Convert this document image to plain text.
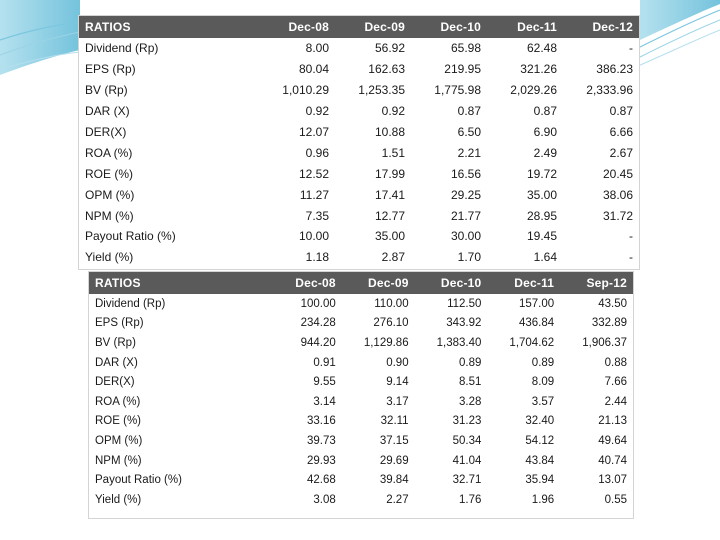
RATIOS	Dec-08	Dec-09	Dec-10	Dec-11	Dec-12
Dividend (Rp)	8.00	56.92	65.98	62.48	-
EPS (Rp)	80.04	162.63	219.95	321.26	386.23
BV (Rp)	1,010.29	1,253.35	1,775.98	2,029.26	2,333.96
DAR (X)	0.92	0.92	0.87	0.87	0.87
DER(X)	12.07	10.88	6.50	6.90	6.66
ROA (%)	0.96	1.51	2.21	2.49	2.67
ROE (%)	12.52	17.99	16.56	19.72	20.45
OPM (%)	11.27	17.41	29.25	35.00	38.06
NPM (%)	7.35	12.77	21.77	28.95	31.72
Payout Ratio (%)	10.00	35.00	30.00	19.45	-
Yield (%)	1.18	2.87	1.70	1.64	-
RATIOS	Dec-08	Dec-09	Dec-10	Dec-11	Sep-12
Dividend (Rp)	100.00	110.00	112.50	157.00	43.50
EPS (Rp)	234.28	276.10	343.92	436.84	332.89
BV (Rp)	944.20	1,129.86	1,383.40	1,704.62	1,906.37
DAR (X)	0.91	0.90	0.89	0.89	0.88
DER(X)	9.55	9.14	8.51	8.09	7.66
ROA (%)	3.14	3.17	3.28	3.57	2.44
ROE (%)	33.16	32.11	31.23	32.40	21.13
OPM (%)	39.73	37.15	50.34	54.12	49.64
NPM (%)	29.93	29.69	41.04	43.84	40.74
Payout Ratio (%)	42.68	39.84	32.71	35.94	13.07
Yield (%)	3.08	2.27	1.76	1.96	0.55
